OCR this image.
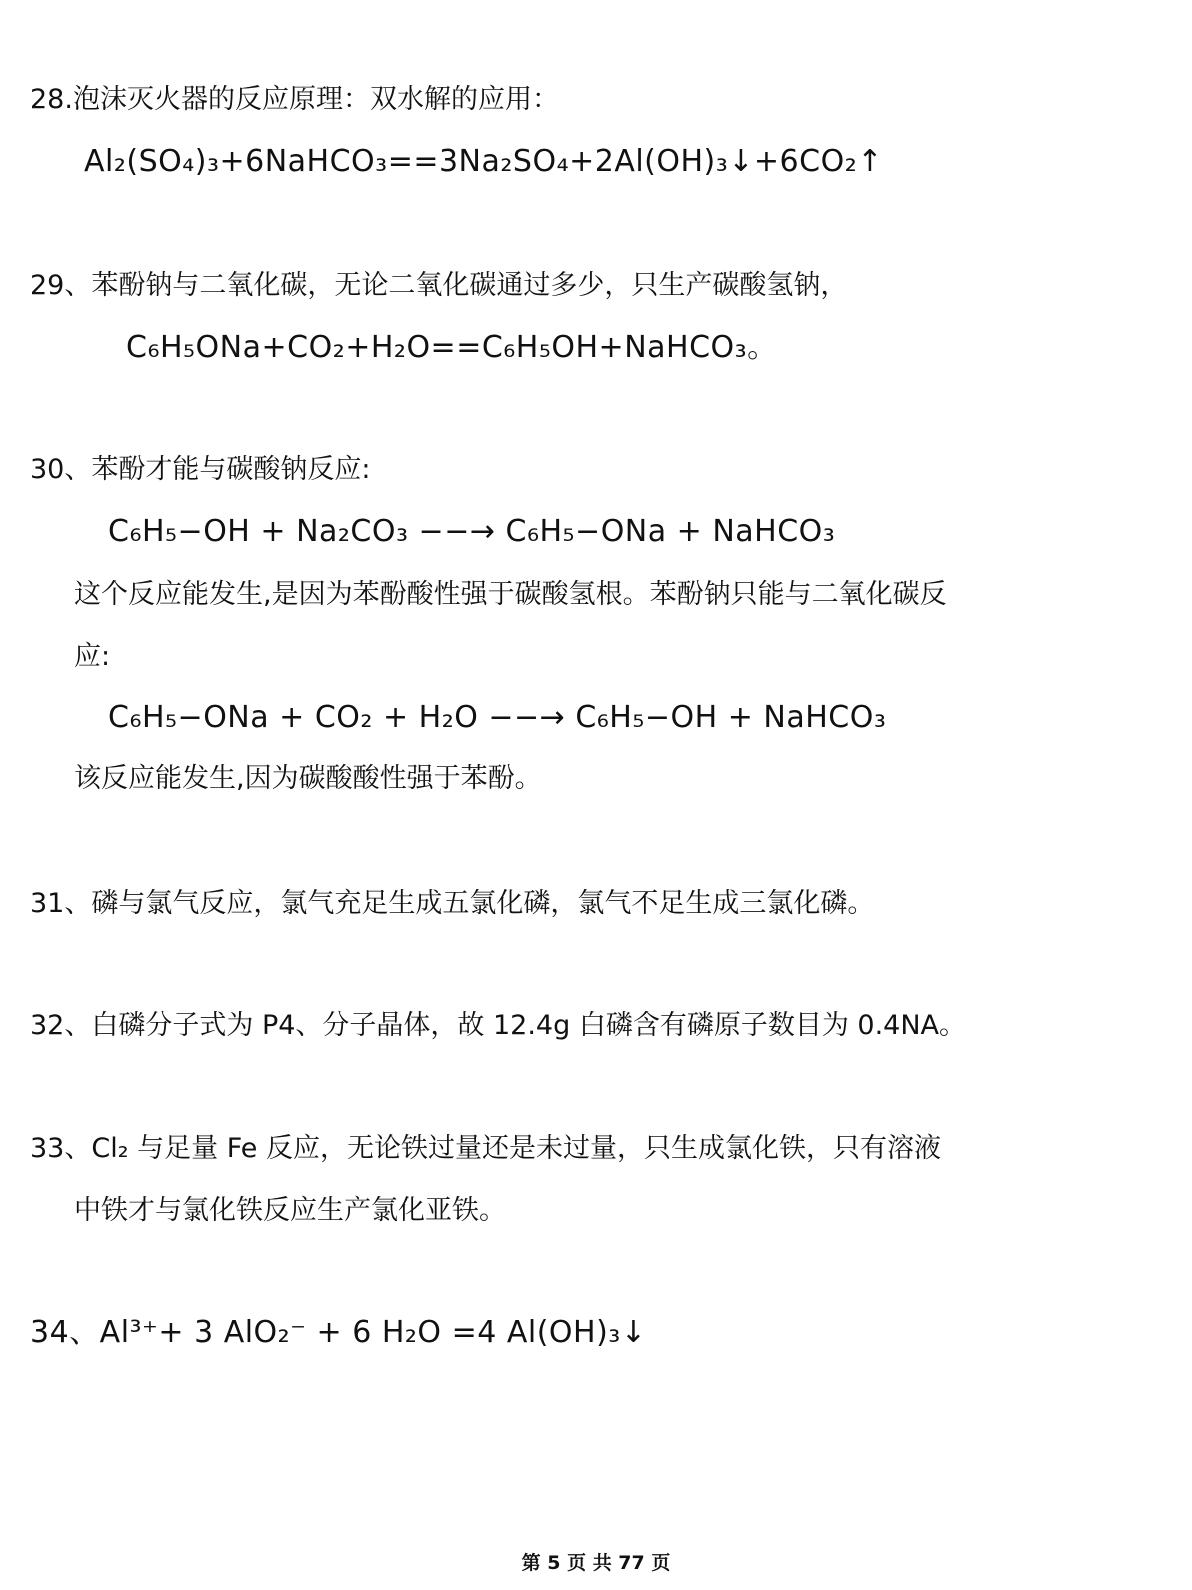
28.泡沫灭火器的反应原理：双水解的应用：
Al₂(SO₄)₃+6NaHCO₃==3Na₂SO₄+2Al(OH)₃↓+6CO₂↑
29、苯酚钠与二氧化碳，无论二氧化碳通过多少，只生产碳酸氢钠，
C₆H₅ONa+CO₂+H₂O==C₆H₅OH+NaHCO₃。
30、苯酚才能与碳酸钠反应:
C₆H₅−OH + Na₂CO₃ −−→ C₆H₅−ONa + NaHCO₃
这个反应能发生,是因为苯酚酸性强于碳酸氢根。苯酚钠只能与二氧化碳反
应:
C₆H₅−ONa + CO₂ + H₂O −−→ C₆H₅−OH + NaHCO₃
该反应能发生,因为碳酸酸性强于苯酚。
31、磷与氯气反应，氯气充足生成五氯化磷，氯气不足生成三氯化磷。
32、白磷分子式为 P4、分子晶体，故 12.4g 白磷含有磷原子数目为 0.4NA。
33、Cl₂ 与足量 Fe 反应，无论铁过量还是未过量，只生成氯化铁，只有溶液
中铁才与氯化铁反应生产氯化亚铁。
34、Al³⁺+ 3 AlO₂⁻ + 6 H₂O =4 Al(OH)₃↓
第 5 页 共 77 页
